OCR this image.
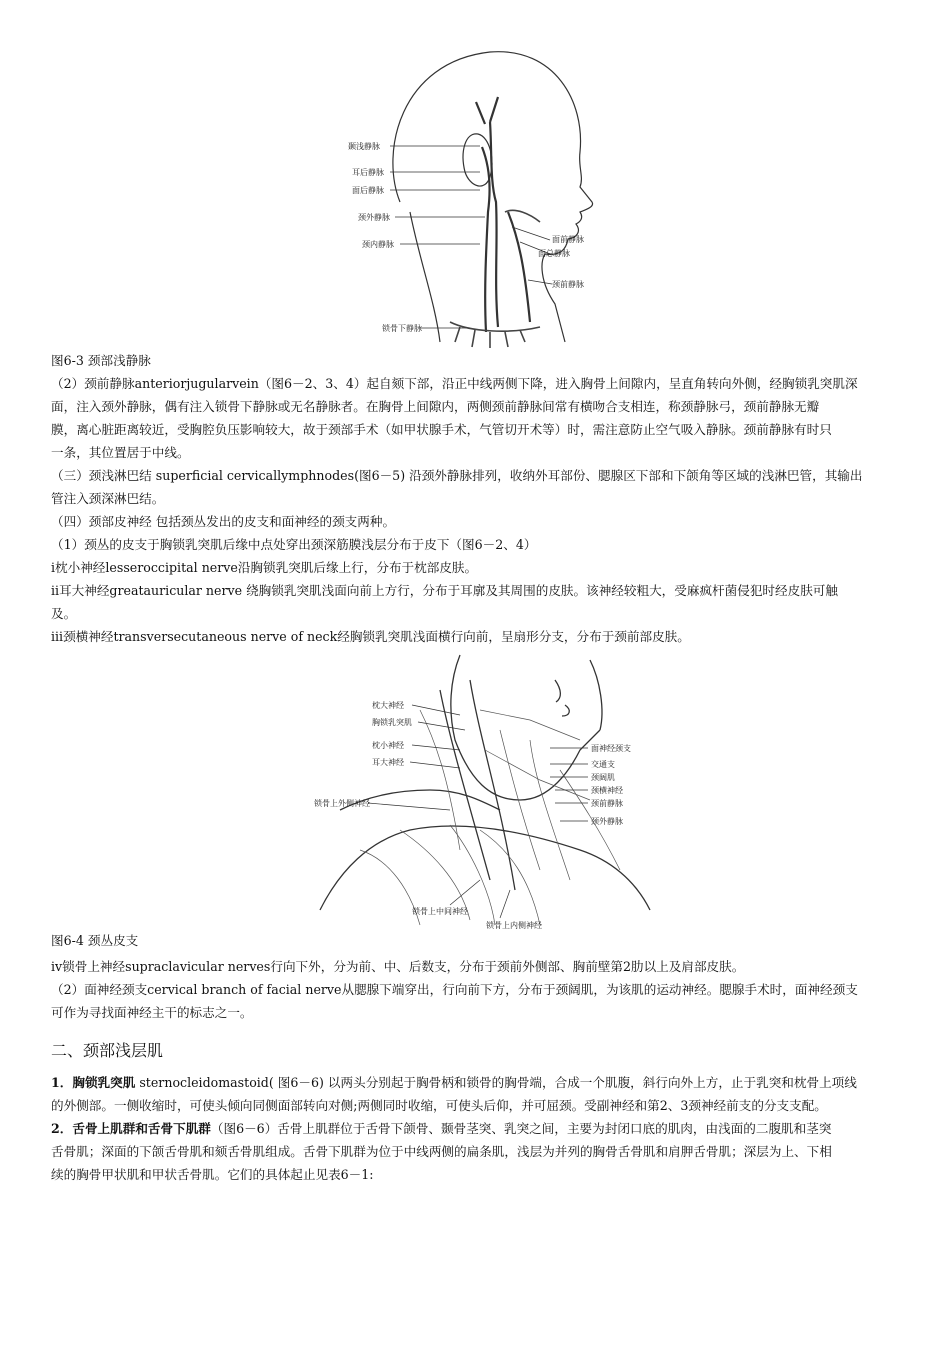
颞浅静脉
耳后静脉
面后静脉
颈外静脉
颈内静脉
面前静脉
面总静脉
颈前静脉
锁骨下静脉
图6-3 颈部浅静脉
（2）颈前静脉anteriorjugularvein（图6－2、3、4）起自颏下部，沿正中线两侧下降，进入胸骨上间隙内，呈直角转向外侧，经胸锁乳突肌深
面，注入颈外静脉，偶有注入锁骨下静脉或无名静脉者。在胸骨上间隙内，两侧颈前静脉间常有横吻合支相连，称颈静脉弓，颈前静脉无瓣
膜，离心脏距离较近，受胸腔负压影响较大，故于颈部手术（如甲状腺手术，气管切开术等）时，需注意防止空气吸入静脉。颈前静脉有时只
一条，其位置居于中线。
（三）颈浅淋巴结 superficial cervicallymphnodes(图6－5) 沿颈外静脉排列，收纳外耳部份、腮腺区下部和下颌角等区域的浅淋巴管，其输出
管注入颈深淋巴结。
（四）颈部皮神经 包括颈丛发出的皮支和面神经的颈支两种。
（1）颈丛的皮支于胸锁乳突肌后缘中点处穿出颈深筋膜浅层分布于皮下（图6－2、4）
i枕小神经lesseroccipital nerve沿胸锁乳突肌后缘上行，分布于枕部皮肤。
ii耳大神经greatauricular nerve 绕胸锁乳突肌浅面向前上方行，分布于耳廓及其周围的皮肤。该神经较粗大，受麻疯杆菌侵犯时经皮肤可触
及。
iii颈横神经transversecutaneous nerve of neck经胸锁乳突肌浅面横行向前，呈扇形分支，分布于颈前部皮肤。
枕大神经
胸锁乳突肌
枕小神经
耳大神经
锁骨上外侧神经
面神经颈支
交通支
颈阔肌
颈横神经
颈前静脉
颈外静脉
锁骨上中间神经
锁骨上内侧神经
图6-4 颈丛皮支
iv锁骨上神经supraclavicular nerves行向下外，分为前、中、后数支，分布于颈前外侧部、胸前壁第2肋以上及肩部皮肤。
（2）面神经颈支cervical branch of facial nerve从腮腺下端穿出，行向前下方，分布于颈阔肌，为该肌的运动神经。腮腺手术时，面神经颈支
可作为寻找面神经主干的标志之一。
二、颈部浅层肌
1．胸锁乳突肌 sternocleidomastoid( 图6－6) 以两头分别起于胸骨柄和锁骨的胸骨端，合成一个肌腹，斜行向外上方，止于乳突和枕骨上项线
的外侧部。一侧收缩时，可使头倾向同侧面部转向对侧;两侧同时收缩，可使头后仰，并可屈颈。受副神经和第2、3颈神经前支的分支支配。
2．舌骨上肌群和舌骨下肌群（图6－6）舌骨上肌群位于舌骨下颌骨、颞骨茎突、乳突之间，主要为封闭口底的肌肉，由浅面的二腹肌和茎突
舌骨肌；深面的下颌舌骨肌和颏舌骨肌组成。舌骨下肌群为位于中线两侧的扁条肌，浅层为并列的胸骨舌骨肌和肩胛舌骨肌；深层为上、下相
续的胸骨甲状肌和甲状舌骨肌。它们的具体起止见表6－1:
